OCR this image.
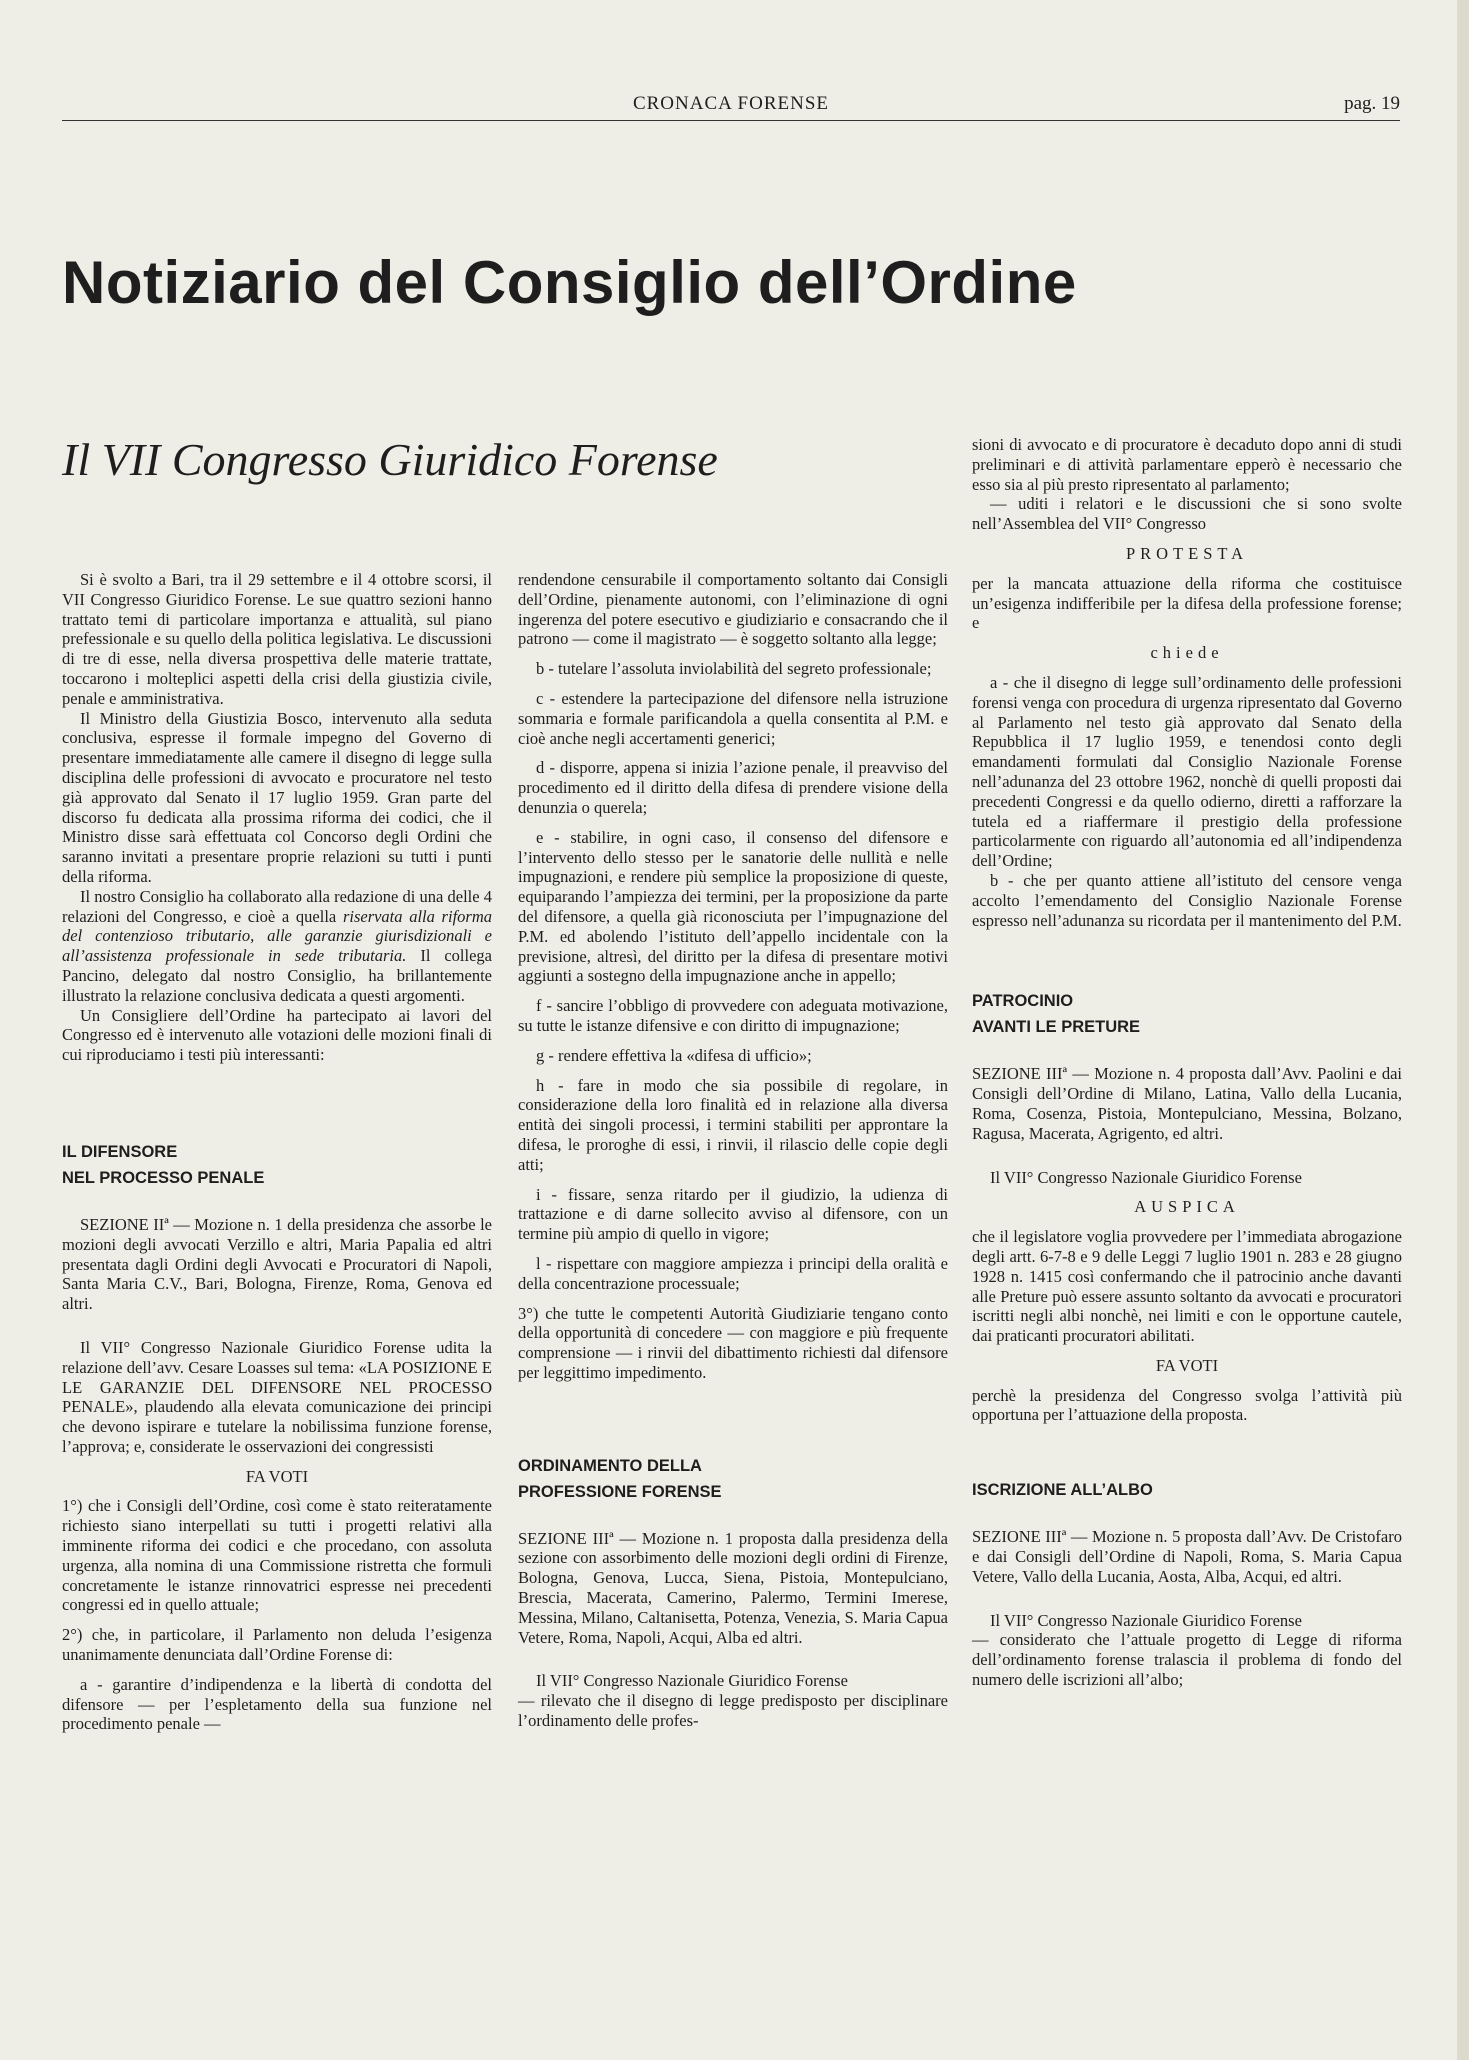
CRONACA FORENSE	pag. 19
Notiziario del Consiglio dell’Ordine
Il VII Congresso Giuridico Forense

Si è svolto a Bari, tra il 29 settembre e il 4 ottobre scorsi, il VII Congresso Giuridico Forense. Le sue quattro sezioni hanno trattato temi di particolare importanza e attualità, sul piano prefessionale e su quello della politica legislativa. Le discussioni di tre di esse, nella diversa prospettiva delle materie trattate, toccarono i molteplici aspetti della crisi della giustizia civile, penale e amministrativa.

Il Ministro della Giustizia Bosco, intervenuto alla seduta conclusiva, espresse il formale impegno del Governo di presentare immediatamente alle camere il disegno di legge sulla disciplina delle professioni di avvocato e procuratore nel testo già approvato dal Senato il 17 luglio 1959. Gran parte del discorso fu dedicata alla prossima riforma dei codici, che il Ministro disse sarà effettuata col Concorso degli Ordini che saranno invitati a presentare proprie relazioni su tutti i punti della riforma.

Il nostro Consiglio ha collaborato alla redazione di una delle 4 relazioni del Congresso, e cioè a quella riservata alla riforma del contenzioso tributario, alle garanzie giurisdizionali e all’assistenza professionale in sede tributaria. Il collega Pancino, delegato dal nostro Consiglio, ha brillantemente illustrato la relazione conclusiva dedicata a questi argomenti.

Un Consigliere dell’Ordine ha partecipato ai lavori del Congresso ed è intervenuto alle votazioni delle mozioni finali di cui riproduciamo i testi più interessanti:

IL DIFENSORE

NEL PROCESSO PENALE

SEZIONE IIª — Mozione n. 1 della presidenza che assorbe le mozioni degli avvocati Verzillo e altri, Maria Papalia ed altri presentata dagli Ordini degli Avvocati e Procuratori di Napoli, Santa Maria C.V., Bari, Bologna, Firenze, Roma, Genova ed altri.

Il VII° Congresso Nazionale Giuridico Forense udita la relazione dell’avv. Cesare Loasses sul tema: «LA POSIZIONE E LE GARANZIE DEL DIFENSORE NEL PROCESSO PENALE», plaudendo alla elevata comunicazione dei principi che devono ispirare e tutelare la nobilissima funzione forense, l’approva; e, considerate le osservazioni dei congressisti

FA VOTI

1°) che i Consigli dell’Ordine, così come è stato reiteratamente richiesto siano interpellati su tutti i progetti relativi alla imminente riforma dei codici e che procedano, con assoluta urgenza, alla nomina di una Commissione ristretta che formuli concretamente le istanze rinnovatrici espresse nei precedenti congressi ed in quello attuale;

2°) che, in particolare, il Parlamento non deluda l’esigenza unanimamente denunciata dall’Ordine Forense di:

a - garantire d’indipendenza e la libertà di condotta del difensore — per l’espletamento della sua funzione nel procedimento penale —

rendendone censurabile il comportamento soltanto dai Consigli dell’Ordine, pienamente autonomi, con l’eliminazione di ogni ingerenza del potere esecutivo e giudiziario e consacrando che il patrono — come il magistrato — è soggetto soltanto alla legge;

b - tutelare l’assoluta inviolabilità del segreto professionale;

c - estendere la partecipazione del difensore nella istruzione sommaria e formale parificandola a quella consentita al P.M. e cioè anche negli accertamenti generici;

d - disporre, appena si inizia l’azione penale, il preavviso del procedimento ed il diritto della difesa di prendere visione della denunzia o querela;

e - stabilire, in ogni caso, il consenso del difensore e l’intervento dello stesso per le sanatorie delle nullità e nelle impugnazioni, e rendere più semplice la proposizione di queste, equiparando l’ampiezza dei termini, per la proposizione da parte del difensore, a quella già riconosciuta per l’impugnazione del P.M. ed abolendo l’istituto dell’appello incidentale con la previsione, altresì, del diritto per la difesa di presentare motivi aggiunti a sostegno della impugnazione anche in appello;

f - sancire l’obbligo di provvedere con adeguata motivazione, su tutte le istanze difensive e con diritto di impugnazione;

g - rendere effettiva la «difesa di ufficio»;

h - fare in modo che sia possibile di regolare, in considerazione della loro finalità ed in relazione alla diversa entità dei singoli processi, i termini stabiliti per approntare la difesa, le proroghe di essi, i rinvii, il rilascio delle copie degli atti;

i - fissare, senza ritardo per il giudizio, la udienza di trattazione e di darne sollecito avviso al difensore, con un termine più ampio di quello in vigore;

l - rispettare con maggiore ampiezza i principi della oralità e della concentrazione processuale;

3°) che tutte le competenti Autorità Giudiziarie tengano conto della opportunità di concedere — con maggiore e più frequente comprensione — i rinvii del dibattimento richiesti dal difensore per leggittimo impedimento.

ORDINAMENTO DELLA

PROFESSIONE FORENSE

SEZIONE IIIª — Mozione n. 1 proposta dalla presidenza della sezione con assorbimento delle mozioni degli ordini di Firenze, Bologna, Genova, Lucca, Siena, Pistoia, Montepulciano, Brescia, Macerata, Camerino, Palermo, Termini Imerese, Messina, Milano, Caltanisetta, Potenza, Venezia, S. Maria Capua Vetere, Roma, Napoli, Acqui, Alba ed altri.

Il VII° Congresso Nazionale Giuridico Forense

— rilevato che il disegno di legge predisposto per disciplinare l’ordinamento delle profes-

sioni di avvocato e di procuratore è decaduto dopo anni di studi preliminari e di attività parlamentare epperò è necessario che esso sia al più presto ripresentato al parlamento;

— uditi i relatori e le discussioni che si sono svolte nell’Assemblea del VII° Congresso

PROTESTA

per la mancata attuazione della riforma che costituisce un’esigenza indifferibile per la difesa della professione forense; e

chiede

a - che il disegno di legge sull’ordinamento delle professioni forensi venga con procedura di urgenza ripresentato dal Governo al Parlamento nel testo già approvato dal Senato della Repubblica il 17 luglio 1959, e tenendosi conto degli emandamenti formulati dal Consiglio Nazionale Forense nell’adunanza del 23 ottobre 1962, nonchè di quelli proposti dai precedenti Congressi e da quello odierno, diretti a rafforzare la tutela ed a riaffermare il prestigio della professione particolarmente con riguardo all’autonomia ed all’indipendenza dell’Ordine;

b - che per quanto attiene all’istituto del censore venga accolto l’emendamento del Consiglio Nazionale Forense espresso nell’adunanza su ricordata per il mantenimento del P.M.

PATROCINIO

AVANTI LE PRETURE

SEZIONE IIIª — Mozione n. 4 proposta dall’Avv. Paolini e dai Consigli dell’Ordine di Milano, Latina, Vallo della Lucania, Roma, Cosenza, Pistoia, Montepulciano, Messina, Bolzano, Ragusa, Macerata, Agrigento, ed altri.

Il VII° Congresso Nazionale Giuridico Forense

AUSPICA

che il legislatore voglia provvedere per l’immediata abrogazione degli artt. 6-7-8 e 9 delle Leggi 7 luglio 1901 n. 283 e 28 giugno 1928 n. 1415 così confermando che il patrocinio anche davanti alle Preture può essere assunto soltanto da avvocati e procuratori iscritti negli albi nonchè, nei limiti e con le opportune cautele, dai praticanti procuratori abilitati.

FA VOTI

perchè la presidenza del Congresso svolga l’attività più opportuna per l’attuazione della proposta.

ISCRIZIONE ALL’ALBO

SEZIONE IIIª — Mozione n. 5 proposta dall’Avv. De Cristofaro e dai Consigli dell’Ordine di Napoli, Roma, S. Maria Capua Vetere, Vallo della Lucania, Aosta, Alba, Acqui, ed altri.

Il VII° Congresso Nazionale Giuridico Forense

— considerato che l’attuale progetto di Legge di riforma dell’ordinamento forense tralascia il problema di fondo del numero delle iscrizioni all’albo;
